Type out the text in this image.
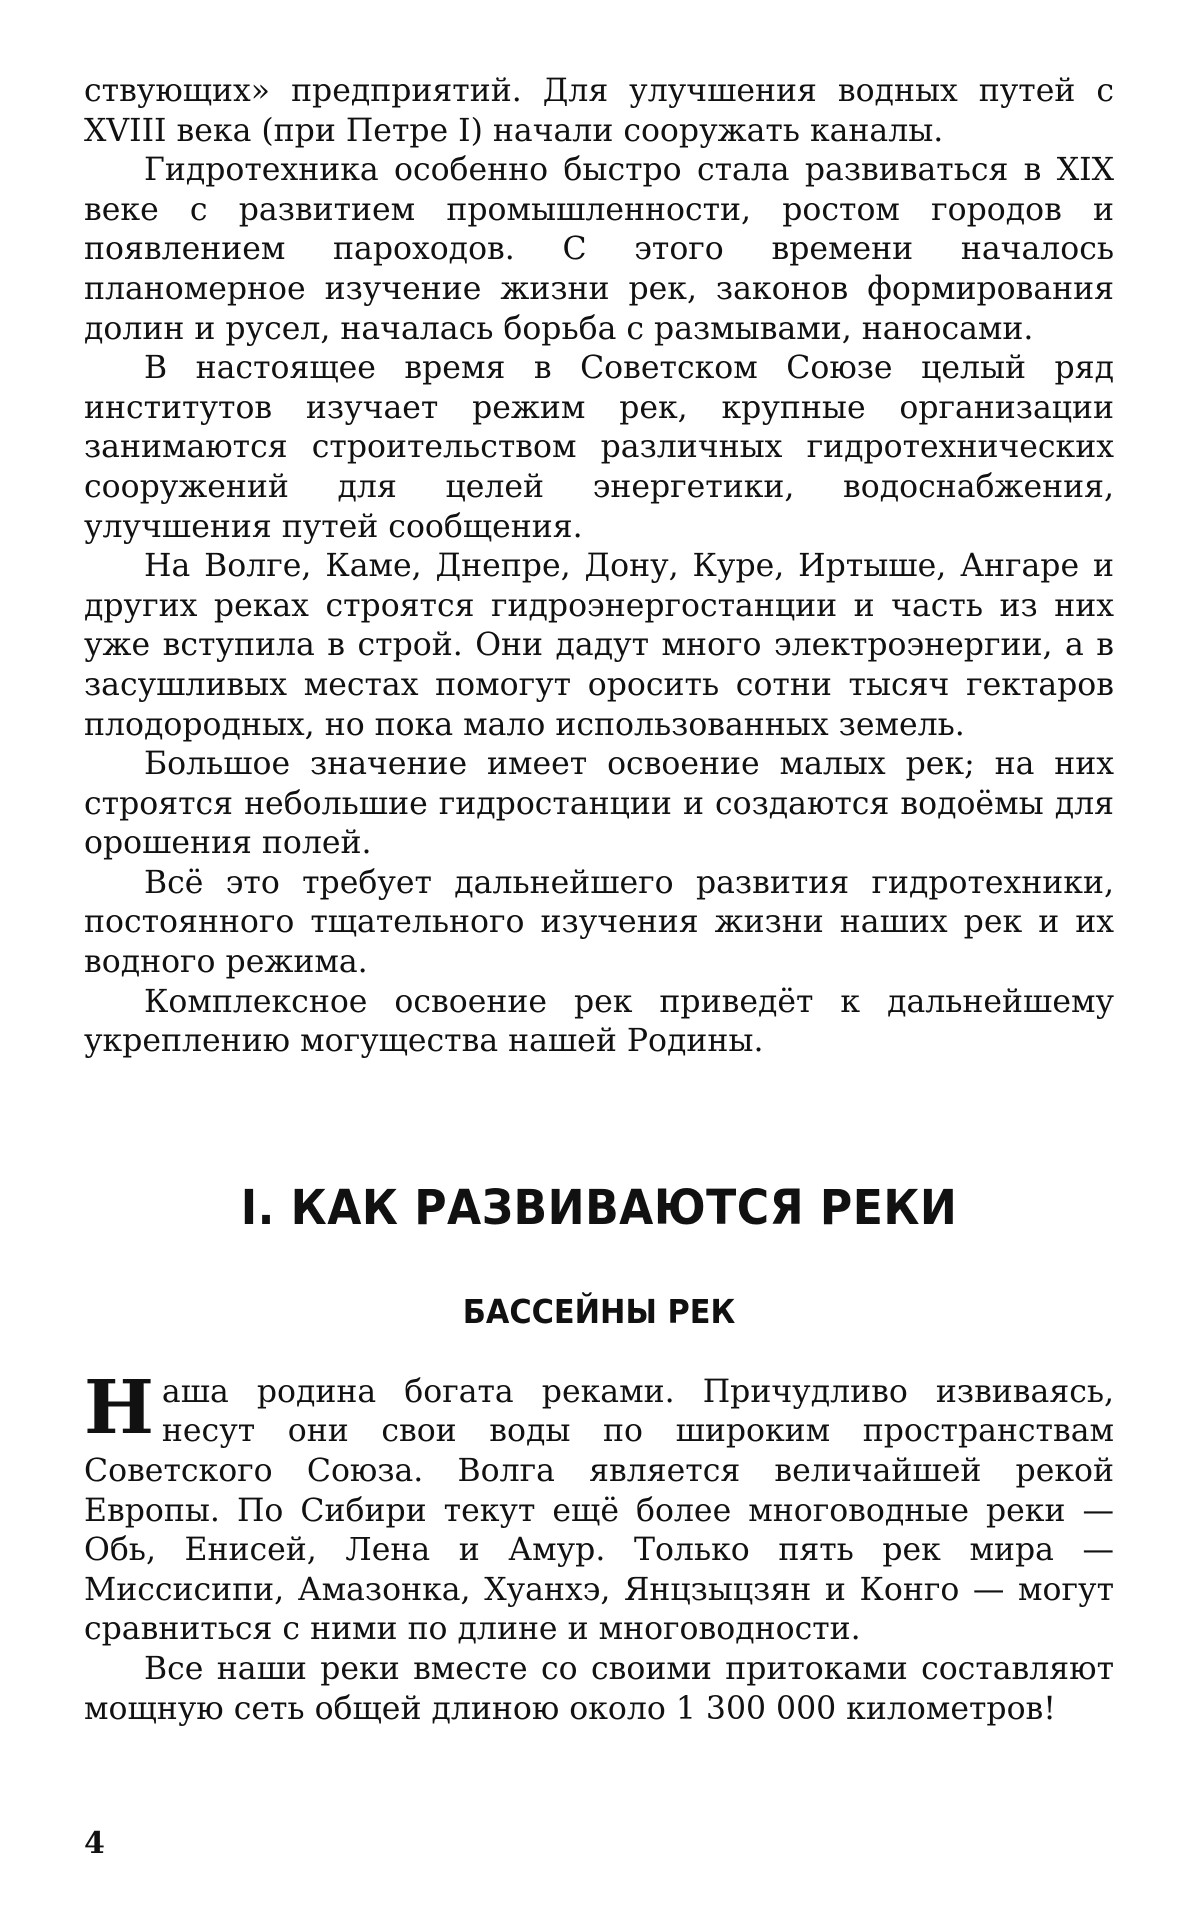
ствующих» предприятий. Для улучшения водных путей с XVIII века (при Петре I) начали сооружать каналы.

Гидротехника особенно быстро стала развиваться в XIX веке с развитием промышленности, ростом городов и появлением пароходов. С этого времени началось планомерное изучение жизни рек, законов формирования долин и русел, началась борьба с размывами, наносами.

В настоящее время в Советском Союзе целый ряд институтов изучает режим рек, крупные организации занимаются строительством различных гидротехнических сооружений для целей энергетики, водоснабжения, улучшения путей сообщения.

На Волге, Каме, Днепре, Дону, Куре, Иртыше, Ангаре и других реках строятся гидроэнергостанции и часть из них уже вступила в строй. Они дадут много электроэнергии, а в засушливых местах помогут оросить сотни тысяч гектаров плодородных, но пока мало использованных земель.

Большое значение имеет освоение малых рек; на них строятся небольшие гидростанции и создаются водоёмы для орошения полей.

Всё это требует дальнейшего развития гидротехники, постоянного тщательного изучения жизни наших рек и их водного режима.

Комплексное освоение рек приведёт к дальнейшему укреплению могущества нашей Родины.

I. КАК РАЗВИВАЮТСЯ РЕКИ
БАССЕЙНЫ РЕК

Наша родина богата реками. Причудливо извиваясь, несут они свои воды по широким пространствам Советского Союза. Волга является величайшей рекой Европы. По Сибири текут ещё более многоводные реки — Обь, Енисей, Лена и Амур. Только пять рек мира — Миссисипи, Амазонка, Хуанхэ, Янцзыцзян и Конго — могут сравниться с ними по длине и многоводности.

Все наши реки вместе со своими притоками составляют мощную сеть общей длиною около 1 300 000 километров!

4
